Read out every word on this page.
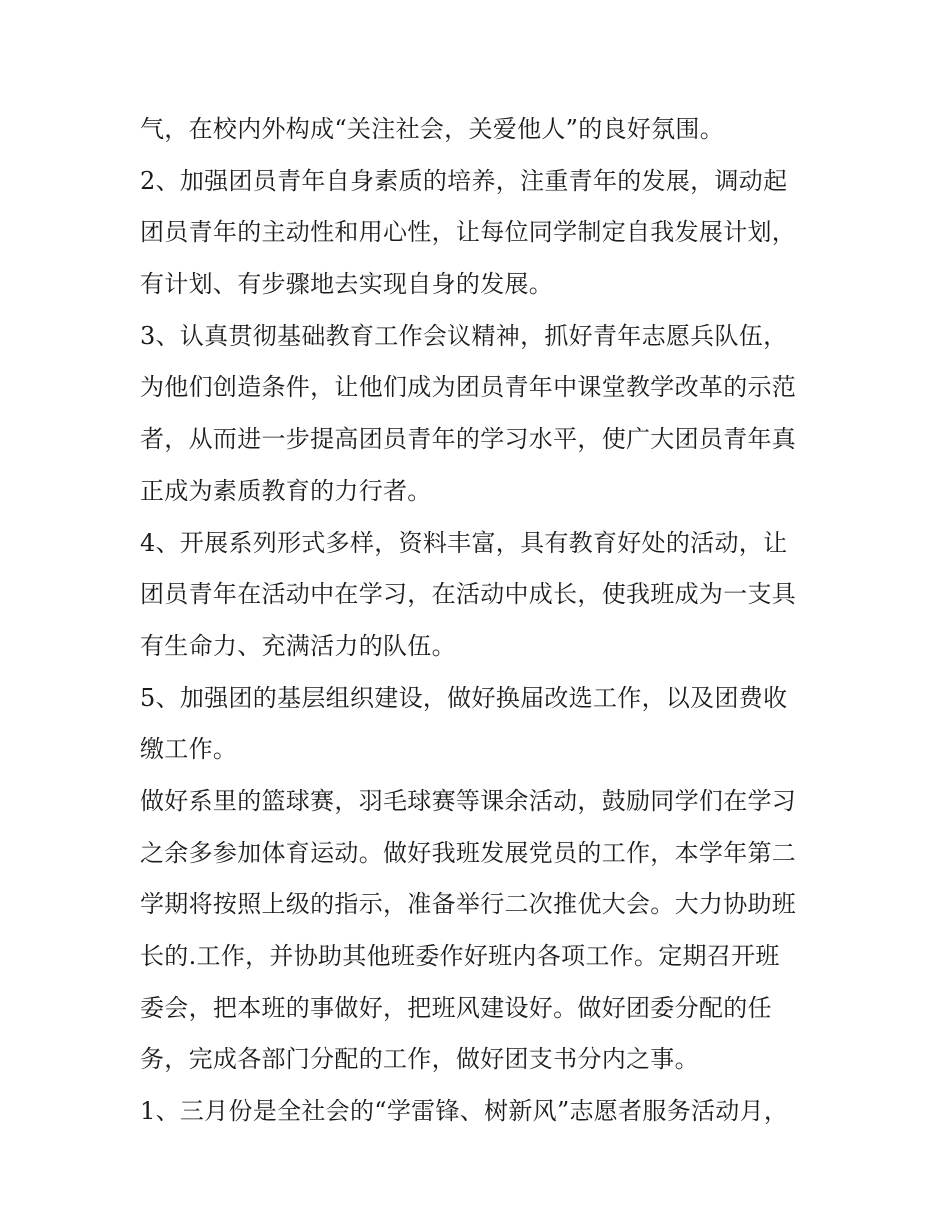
气，在校内外构成“关注社会，关爱他人”的良好氛围。
2、加强团员青年自身素质的培养，注重青年的发展，调动起
团员青年的主动性和用心性，让每位同学制定自我发展计划，
有计划、有步骤地去实现自身的发展。
3、认真贯彻基础教育工作会议精神，抓好青年志愿兵队伍，
为他们创造条件，让他们成为团员青年中课堂教学改革的示范
者，从而进一步提高团员青年的学习水平，使广大团员青年真
正成为素质教育的力行者。
4、开展系列形式多样，资料丰富，具有教育好处的活动，让
团员青年在活动中在学习，在活动中成长，使我班成为一支具
有生命力、充满活力的队伍。
5、加强团的基层组织建设，做好换届改选工作，以及团费收
缴工作。
做好系里的篮球赛，羽毛球赛等课余活动，鼓励同学们在学习
之余多参加体育运动。做好我班发展党员的工作，本学年第二
学期将按照上级的指示，准备举行二次推优大会。大力协助班
长的.工作，并协助其他班委作好班内各项工作。定期召开班
委会，把本班的事做好，把班风建设好。做好团委分配的任
务，完成各部门分配的工作，做好团支书分内之事。
1、三月份是全社会的“学雷锋、树新风”志愿者服务活动月，
